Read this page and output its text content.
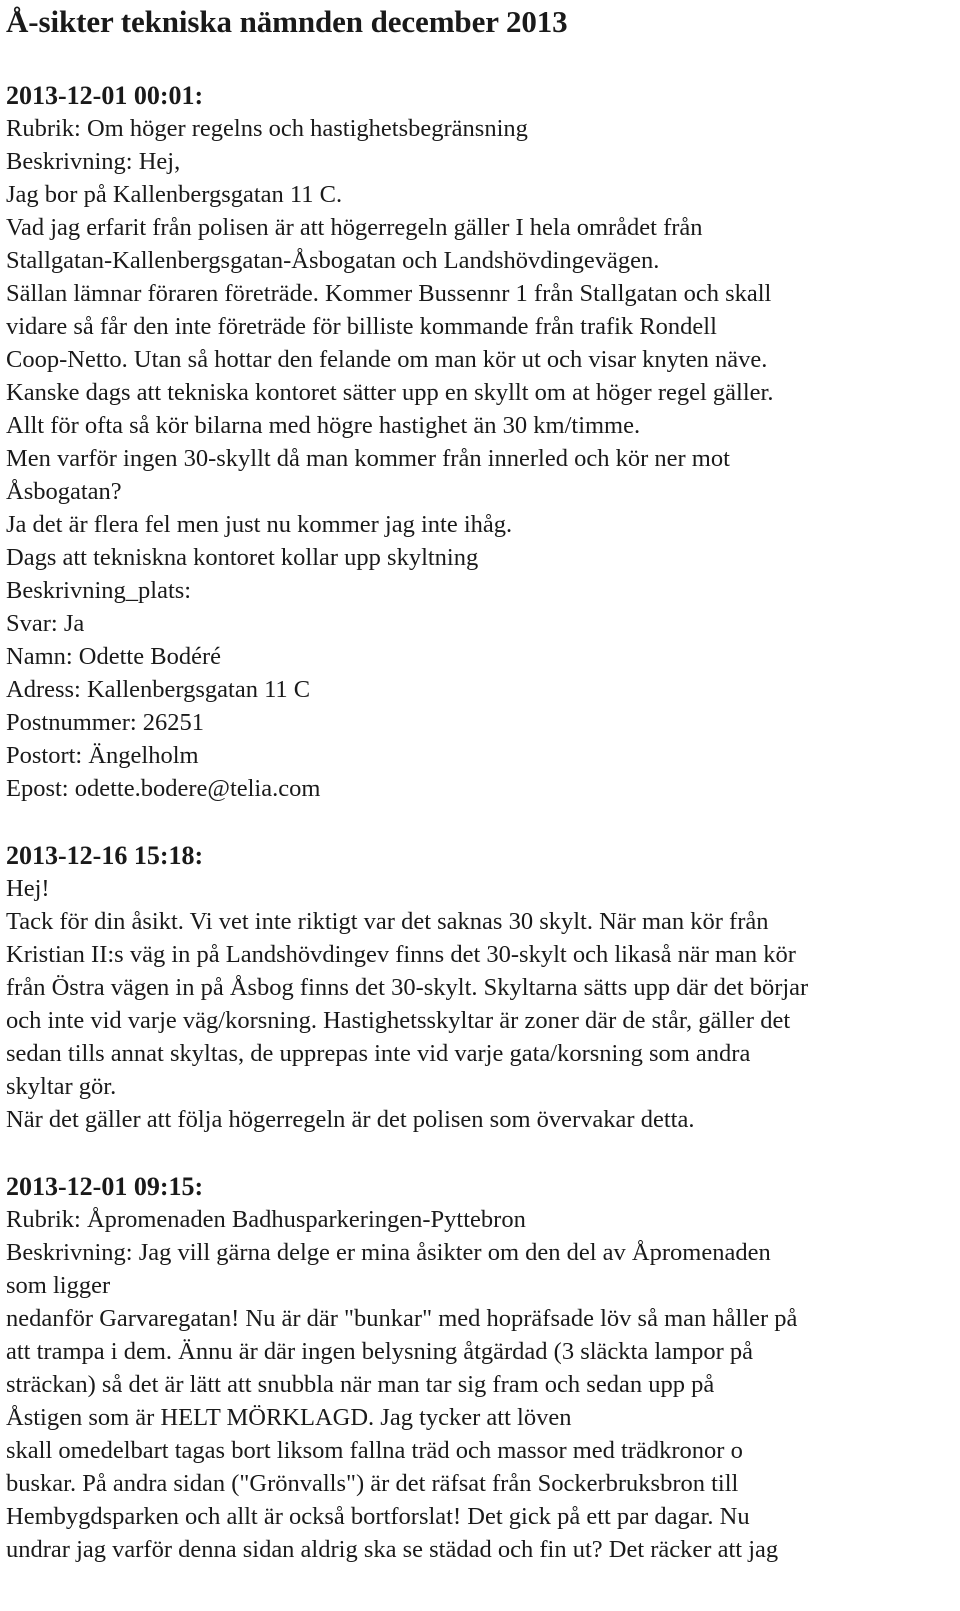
Å-sikter tekniska nämnden december 2013
2013-12-01 00:01:
Rubrik: Om höger regelns och hastighetsbegränsning
Beskrivning: Hej,
Jag bor på Kallenbergsgatan 11 C.
Vad jag erfarit från polisen är att högerregeln gäller I hela området från
Stallgatan-Kallenbergsgatan-Åsbogatan och Landshövdingevägen.
Sällan lämnar föraren företräde. Kommer Bussennr 1 från Stallgatan och skall
vidare så får den inte företräde för billiste kommande från trafik Rondell
Coop-Netto. Utan så hottar den felande om man kör ut och visar knyten näve.
Kanske dags att tekniska kontoret sätter upp en skyllt om at höger regel gäller.
Allt för ofta så kör bilarna med högre hastighet än 30 km/timme.
Men varför ingen 30-skyllt då man kommer från innerled och kör ner mot
Åsbogatan?
Ja det är flera fel men just nu kommer jag inte ihåg.
Dags att tekniskna kontoret kollar upp skyltning
Beskrivning_plats:
Svar: Ja
Namn: Odette Bodéré
Adress: Kallenbergsgatan 11 C
Postnummer: 26251
Postort: Ängelholm
Epost: odette.bodere@telia.com
2013-12-16 15:18:
Hej!
Tack för din åsikt. Vi vet inte riktigt var det saknas 30 skylt. När man kör från
Kristian II:s väg in på Landshövdingev finns det 30-skylt och likaså när man kör
från Östra vägen in på Åsbog finns det 30-skylt. Skyltarna sätts upp där det börjar
och inte vid varje väg/korsning. Hastighetsskyltar är zoner där de står, gäller det
sedan tills annat skyltas, de upprepas inte vid varje gata/korsning som andra
skyltar gör.
När det gäller att följa högerregeln är det polisen som övervakar detta.
2013-12-01 09:15:
Rubrik: Åpromenaden Badhusparkeringen-Pyttebron
Beskrivning: Jag vill gärna delge er mina åsikter om den del av Åpromenaden
som ligger
nedanför Garvaregatan! Nu är där "bunkar" med hopräfsade löv så man håller på
att trampa i dem. Ännu är där ingen belysning åtgärdad (3 släckta lampor på
sträckan) så det är lätt att snubbla när man tar sig fram och sedan upp på
Åstigen som är HELT MÖRKLAGD. Jag tycker att löven
skall omedelbart tagas bort liksom fallna träd och massor med trädkronor o
buskar. På andra sidan ("Grönvalls") är det räfsat från Sockerbruksbron till
Hembygdsparken och allt är också bortforslat! Det gick på ett par dagar. Nu
undrar jag varför denna sidan aldrig ska se städad och fin ut? Det räcker att jag
